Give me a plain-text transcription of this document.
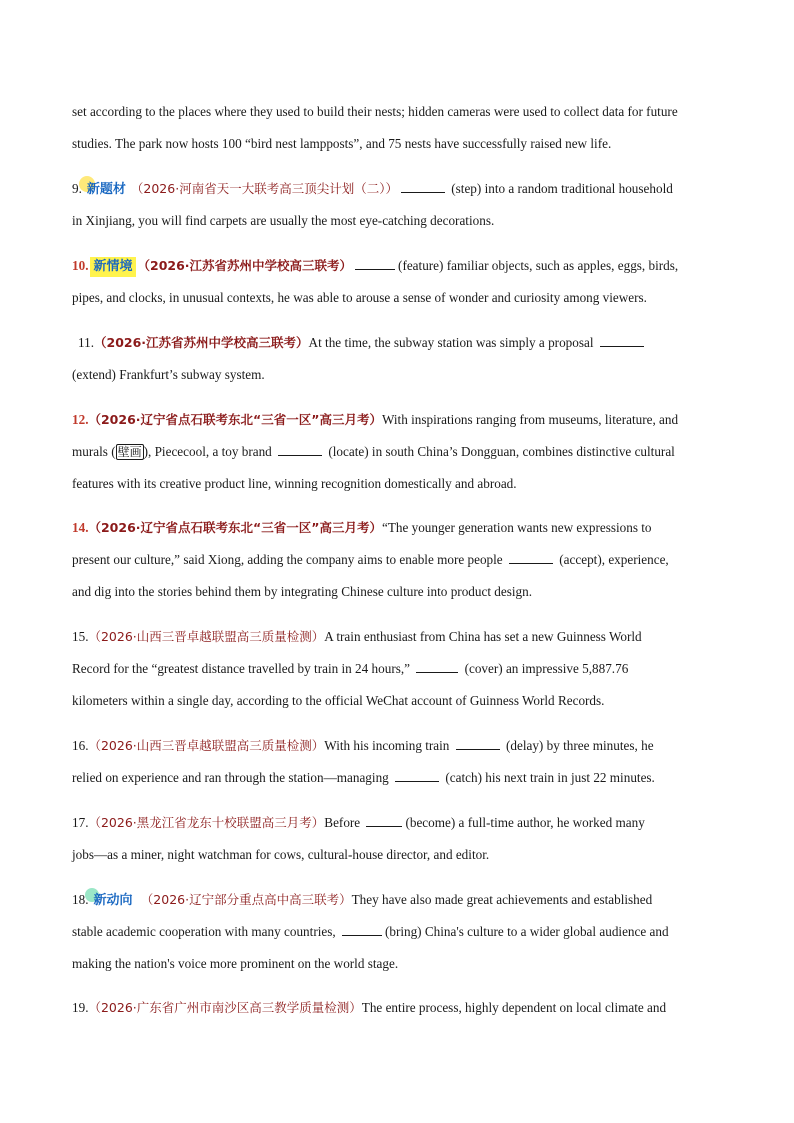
set according to the places where they used to build their nests; hidden cameras were used to collect data for future
studies. The park now hosts 100 “bird nest lampposts”, and 75 nests have successfully raised new life.
9. 新题材 （2026·河南省天一大联考高三顶尖计划（二））	(step) into a random traditional household
in Xinjiang, you will find carpets are usually the most eye-catching decorations.
10. 新情境 （2026·江苏省苏州中学校高三联考）	(feature) familiar objects, such as apples, eggs, birds,
pipes, and clocks, in unusual contexts, he was able to arouse a sense of wonder and curiosity among viewers.
11.（2026·江苏省苏州中学校高三联考）At the time, the subway station was simply a proposal
(extend) Frankfurt’s subway system.
12.（2026·辽宁省点石联考东北“三省一区”高三月考）With inspirations ranging from museums, literature, and
murals ( 壁画 ), Piececool, a toy brand	(locate) in south China’s Dongguan, combines distinctive cultural
features with its creative product line, winning recognition domestically and abroad.
14.（2026·辽宁省点石联考东北“三省一区”高三月考）“The younger generation wants new expressions to
present our culture,” said Xiong, adding the company aims to enable more people	(accept), experience,
and dig into the stories behind them by integrating Chinese culture into product design.
15.（2026·山西三晋卓越联盟高三质量检测）A train enthusiast from China has set a new Guinness World
Record for the “greatest distance travelled by train in 24 hours,”	(cover) an impressive 5,887.76
kilometers within a single day, according to the official WeChat account of Guinness World Records.
16.（2026·山西三晋卓越联盟高三质量检测）With his incoming train	(delay) by three minutes, he
relied on experience and ran through the station—managing	(catch) his next train in just 22 minutes.
17.（2026·黑龙江省龙东十校联盟高三月考）Before	(become) a full-time author, he worked many
jobs—as a miner, night watchman for cows, cultural-house director, and editor.
18. 新动向 （2026·辽宁部分重点高中高三联考）They have also made great achievements and established
stable academic cooperation with many countries,	(bring) China's culture to a wider global audience and
making the nation's voice more prominent on the world stage.
19.（2026·广东省广州市南沙区高三教学质量检测）The entire process, highly dependent on local climate and
